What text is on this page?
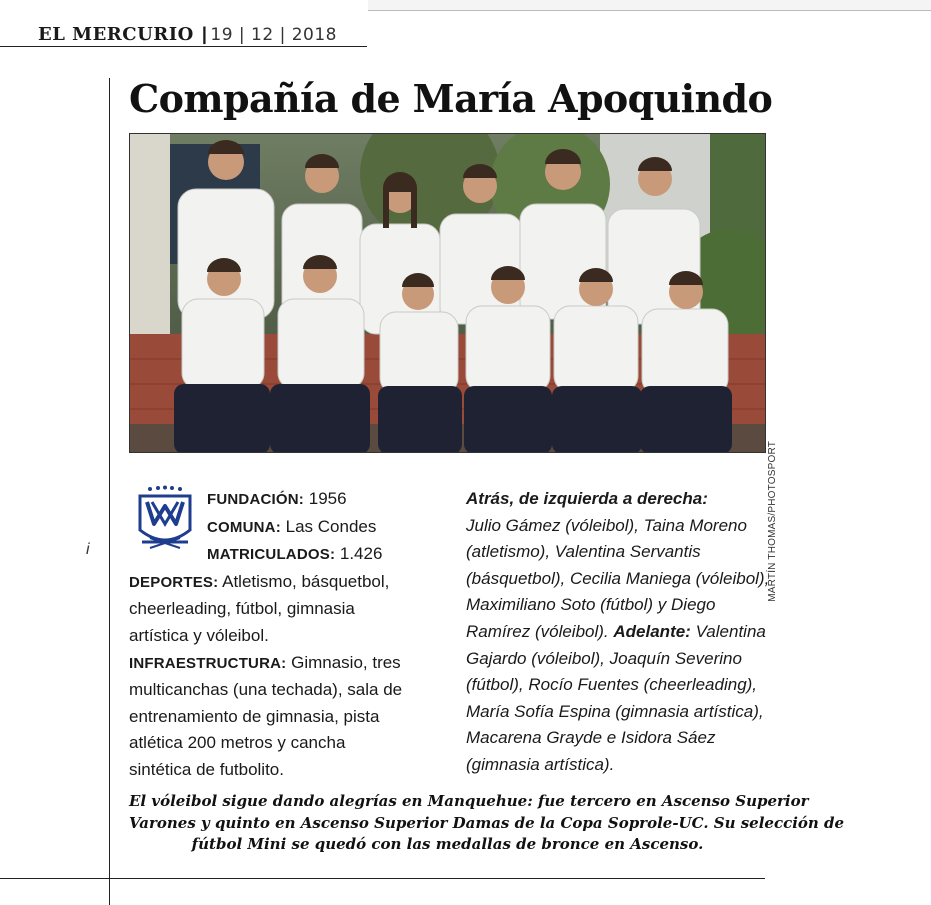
EL MERCURIO | 19 | 12 | 2018
i
Compañía de María Apoquindo
MARTÍN THOMAS/PHOTOSPORT
FUNDACIÓN: 1956
COMUNA: Las Condes
MATRICULADOS: 1.426
DEPORTES: Atletismo, básquetbol,
cheerleading, fútbol, gimnasia
artística y vóleibol.
INFRAESTRUCTURA: Gimnasio, tres
multicanchas (una techada), sala de
entrenamiento de gimnasia, pista
atlética 200 metros y cancha
sintética de futbolito.
Atrás, de izquierda a derecha:
Julio Gámez (vóleibol), Taina Moreno
(atletismo), Valentina Servantis
(básquetbol), Cecilia Maniega (vóleibol),
Maximiliano Soto (fútbol) y Diego
Ramírez (vóleibol). Adelante: Valentina
Gajardo (vóleibol), Joaquín Severino
(fútbol), Rocío Fuentes (cheerleading),
María Sofía Espina (gimnasia artística),
Macarena Grayde e Isidora Sáez
(gimnasia artística).

El vóleibol sigue dando alegrías en Manquehue: fue tercero en Ascenso Superior
Varones y quinto en Ascenso Superior Damas de la Copa Soprole-UC. Su selección de
fútbol Mini se quedó con las medallas de bronce en Ascenso.
